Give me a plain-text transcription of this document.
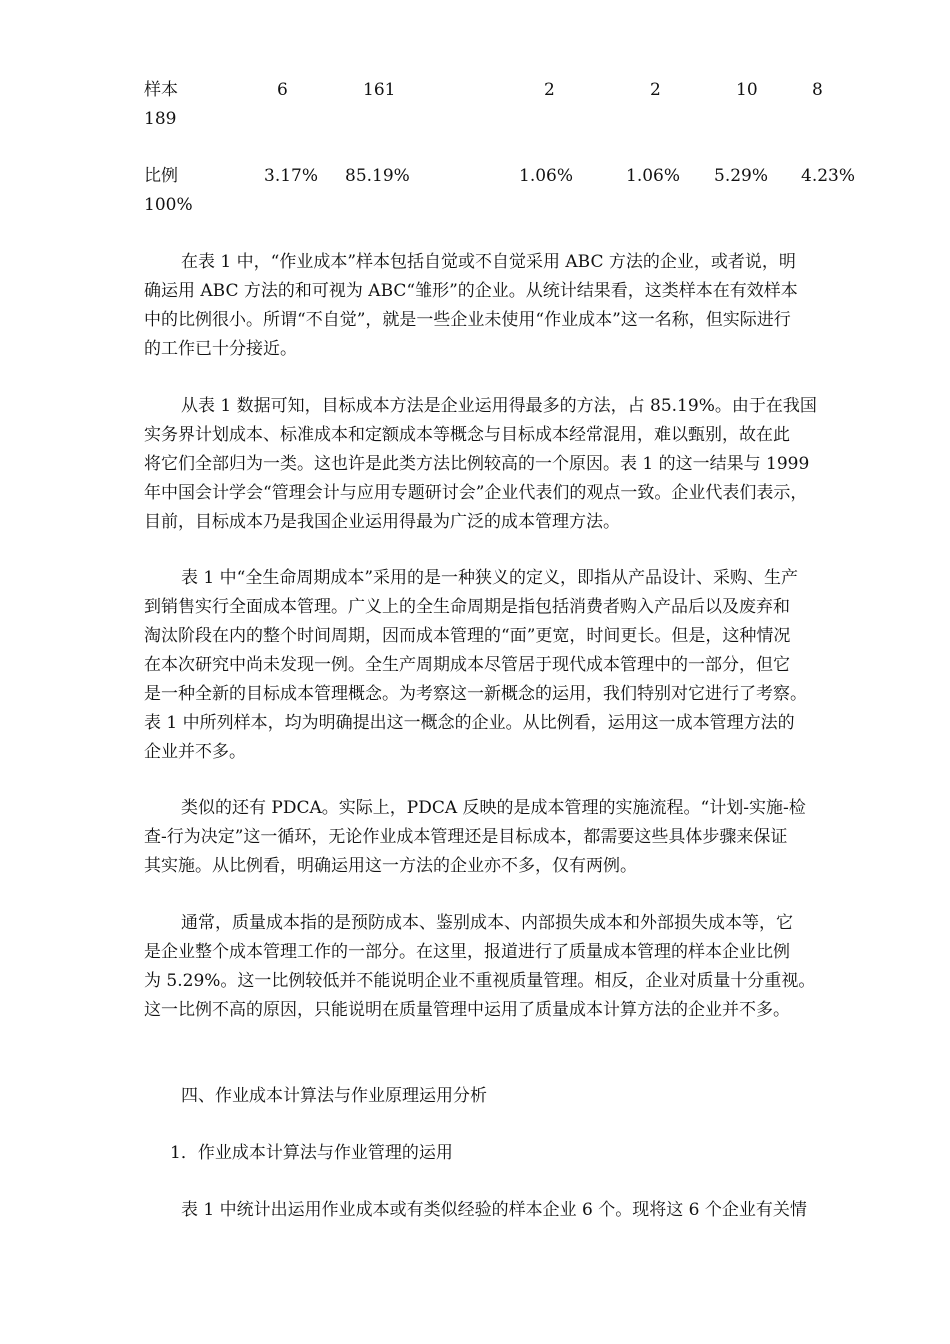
样本	6	161	2	2	10	8
189
比例	3.17% 85.19%	1.06%	1.06% 5.29% 4.23%
100%

在表 1 中，“作业成本”样本包括自觉或不自觉采用 ABC 方法的企业，或者说，明
确运用 ABC 方法的和可视为 ABC“雏形”的企业。从统计结果看，这类样本在有效样本
中的比例很小。所谓“不自觉”，就是一些企业未使用“作业成本”这一名称，但实际进行
的工作已十分接近。

从表 1 数据可知，目标成本方法是企业运用得最多的方法，占 85.19%。由于在我国
实务界计划成本、标准成本和定额成本等概念与目标成本经常混用，难以甄别，故在此
将它们全部归为一类。这也许是此类方法比例较高的一个原因。表 1 的这一结果与 1999
年中国会计学会“管理会计与应用专题研讨会”企业代表们的观点一致。企业代表们表示，
目前，目标成本乃是我国企业运用得最为广泛的成本管理方法。

表 1 中“全生命周期成本”采用的是一种狭义的定义，即指从产品设计、采购、生产
到销售实行全面成本管理。广义上的全生命周期是指包括消费者购入产品后以及废弃和
淘汰阶段在内的整个时间周期，因而成本管理的“面”更宽，时间更长。但是，这种情况
在本次研究中尚未发现一例。全生产周期成本尽管居于现代成本管理中的一部分，但它
是一种全新的目标成本管理概念。为考察这一新概念的运用，我们特别对它进行了考察。
表 1 中所列样本，均为明确提出这一概念的企业。从比例看，运用这一成本管理方法的
企业并不多。

类似的还有 PDCA。实际上，PDCA 反映的是成本管理的实施流程。“计划-实施-检
查-行为决定”这一循环，无论作业成本管理还是目标成本，都需要这些具体步骤来保证
其实施。从比例看，明确运用这一方法的企业亦不多，仅有两例。

通常，质量成本指的是预防成本、鉴别成本、内部损失成本和外部损失成本等，它
是企业整个成本管理工作的一部分。在这里，报道进行了质量成本管理的样本企业比例
为 5.29%。这一比例较低并不能说明企业不重视质量管理。相反，企业对质量十分重视。
这一比例不高的原因，只能说明在质量管理中运用了质量成本计算方法的企业并不多。

四、作业成本计算法与作业原理运用分析
1．作业成本计算法与作业管理的运用

表 1 中统计出运用作业成本或有类似经验的样本企业 6 个。现将这 6 个企业有关情
